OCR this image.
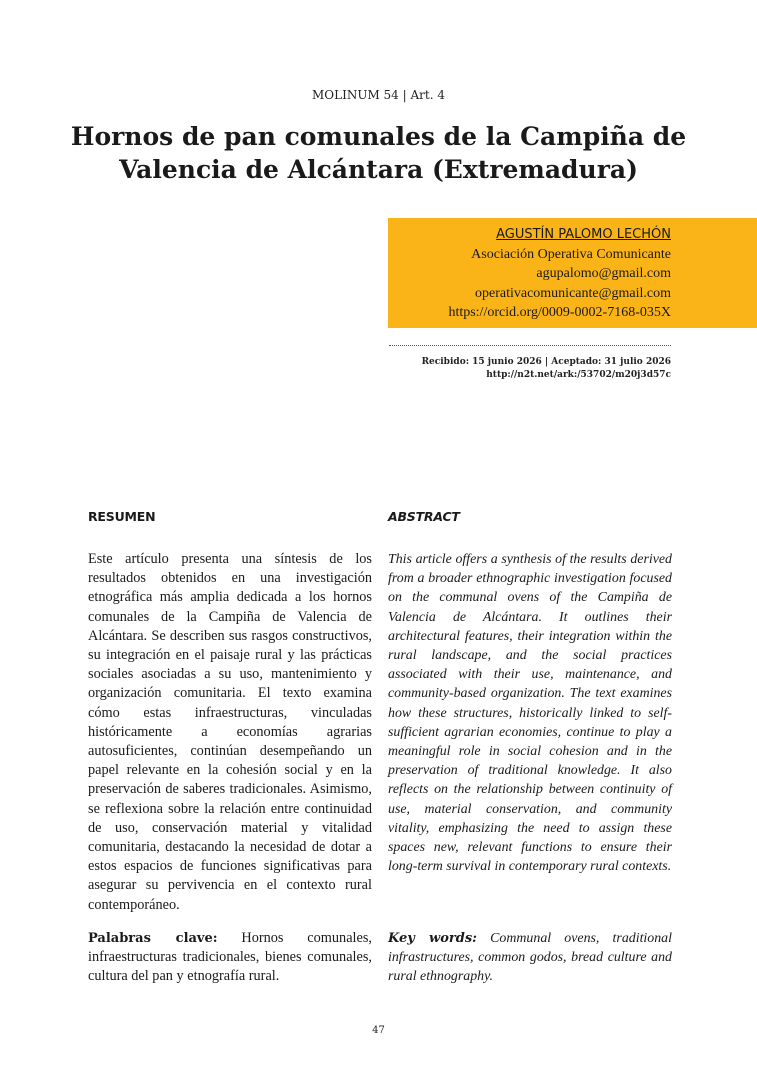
MOLINUM 54 | Art. 4
Hornos de pan comunales de la Campiña de
Valencia de Alcántara (Extremadura)
AGUSTÍN PALOMO LECHÓN
Asociación Operativa Comunicante
agupalomo@gmail.com
operativacomunicante@gmail.com
https://orcid.org/0009-0002-7168-035X
Recibido: 15 junio 2026 | Aceptado: 31 julio 2026
http://n2t.net/ark:/53702/m20j3d57c
RESUMEN

Este artículo presenta una síntesis de los resultados obtenidos en una investigación etnográfica más amplia dedicada a los hornos comunales de la Campiña de Valencia de Alcántara. Se describen sus rasgos constructivos, su integración en el paisaje rural y las prácticas sociales asociadas a su uso, mantenimiento y organización comunitaria. El texto examina cómo estas infraestructuras, vinculadas históricamente a economías agrarias autosuficientes, continúan desempeñando un papel relevante en la cohesión social y en la preservación de saberes tradicionales. Asimismo, se reflexiona sobre la relación entre continuidad de uso, conservación material y vitalidad comunitaria, destacando la necesidad de dotar a estos espacios de funciones significativas para asegurar su pervivencia en el contexto rural contemporáneo.

Palabras clave: Hornos comunales, infraestructuras tradicionales, bienes comunales, cultura del pan y etnografía rural.

ABSTRACT

This article offers a synthesis of the results derived from a broader ethnographic investigation focused on the communal ovens of the Campiña de Valencia de Alcántara. It outlines their architectural features, their integration within the rural landscape, and the social practices associated with their use, maintenance, and community-based organization. The text examines how these structures, historically linked to self-sufficient agrarian economies, continue to play a meaningful role in social cohesion and in the preservation of traditional knowledge. It also reflects on the relationship between continuity of use, material conservation, and community vitality, emphasizing the need to assign these spaces new, relevant functions to ensure their long-term survival in contemporary rural contexts.

Key words: Communal ovens, traditional infrastructures, common godos, bread culture and rural ethnography.

47
